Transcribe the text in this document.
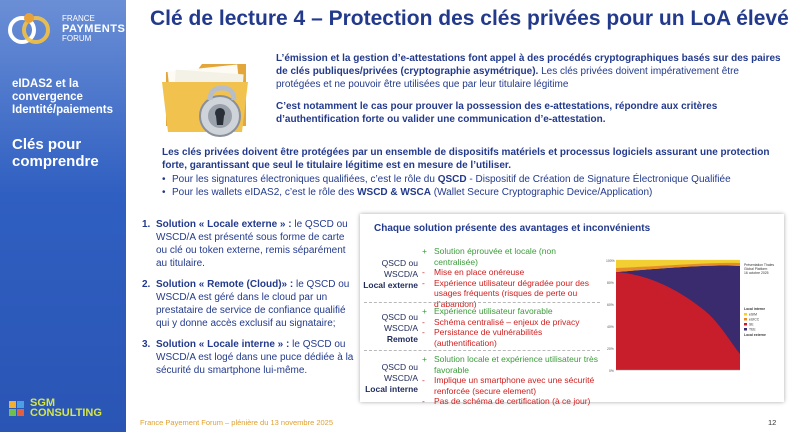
FRANCE
PAYMENTS
FORUM
eIDAS2 et la convergence Identité/paiements
Clés pour comprendre
SGM
CONSULTING
Clé de lecture 4 – Protection des clés privées pour un LoA élevé

L’émission et la gestion d’e-attestations font appel à des procédés cryptographiques basés sur des paires de clés publiques/privées (cryptographie asymétrique). Les clés privées doivent impérativement être protégées et ne pouvoir être utilisées que par leur titulaire légitime

C’est notamment le cas pour prouver la possession des e-attestations, répondre aux critères d’authentification forte ou valider une communication d’e-attestation.

Les clés privées doivent être protégées par un ensemble de dispositifs matériels et processus logiciels assurant une protection forte, garantissant que seul le titulaire légitime est en mesure de l’utiliser.
• Pour les signatures électroniques qualifiées, c’est le rôle du QSCD - Dispositif de Création de Signature Électronique Qualifiée
• Pour les wallets eIDAS2, c’est le rôle des WSCD & WSCA (Wallet Secure Cryptographic Device/Application)
1. Solution « Locale externe » : le QSCD ou WSCD/A est présenté sous forme de carte ou clé ou token externe, remis séparément au titulaire.
2. Solution « Remote (Cloud)» : le QSCD ou WSCD/A est géré dans le cloud par un prestataire de service de confiance qualifié qui y donne accès exclusif au signataire;
3. Solution « Locale interne » : le QSCD ou WSCD/A est logé dans une puce dédiée à la sécurité du smartphone lui-même.
Chaque solution présente des avantages et inconvénients
QSCD ou
WSCD/A
Local externe
+ Solution éprouvée et locale (non centralisée)
- Mise en place onéreuse
- Expérience utilisateur dégradée pour des usages fréquents (risques de perte ou d’abandon)
QSCD ou
WSCD/A
Remote
+ Expérience utilisateur favorable
- Schéma centralisé – enjeux de privacy
- Persistance de vulnérabilités (authentification)
QSCD ou
WSCD/A
Local interne
+ Solution locale et expérience utilisateur très favorable
- Implique un smartphone avec une sécurité renforcée (secure element)
- Pas de schéma de certification (à ce jour)
100%
80%
60%
40%
20%
0%
Présentation Thales
Global Platform
16 octobre 2025
Local interne
eSIM
eUICC
SE
TEE
Local externe
France Payement Forum – plénière du 13 novembre 2025	12
